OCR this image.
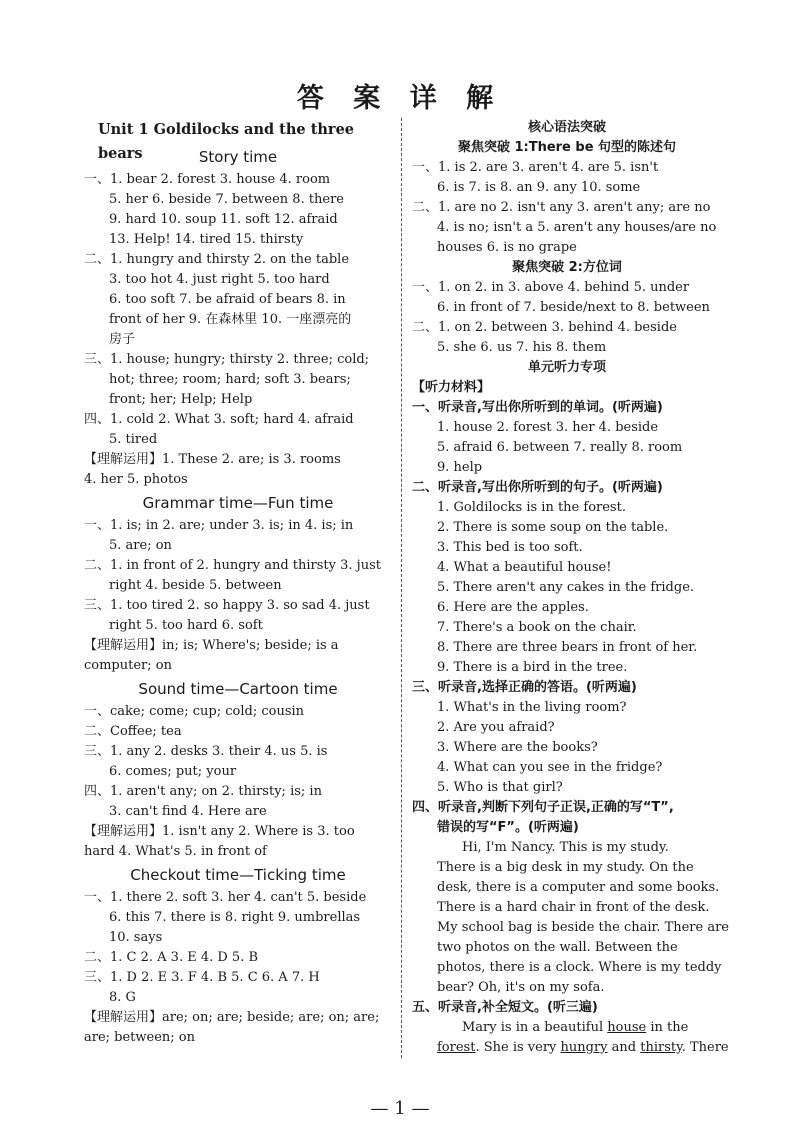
答 案 详 解
Unit 1 Goldilocks and the three bears	Story time
一、1. bear 2. forest 3. house 4. room
5. her 6. beside 7. between 8. there
9. hard 10. soup 11. soft 12. afraid
13. Help! 14. tired 15. thirsty
二、1. hungry and thirsty 2. on the table
3. too hot 4. just right 5. too hard
6. too soft 7. be afraid of bears 8. in
front of her 9. 在森林里 10. 一座漂亮的
房子
三、1. house; hungry; thirsty 2. three; cold;
hot; three; room; hard; soft 3. bears;
front; her; Help; Help
四、1. cold 2. What 3. soft; hard 4. afraid
5. tired
【理解运用】1. These 2. are; is 3. rooms
4. her 5. photos
Grammar time—Fun time
一、1. is; in 2. are; under 3. is; in 4. is; in
5. are; on
二、1. in front of 2. hungry and thirsty 3. just
right 4. beside 5. between
三、1. too tired 2. so happy 3. so sad 4. just
right 5. too hard 6. soft
【理解运用】in; is; Where's; beside; is a
computer; on
Sound time—Cartoon time
一、cake; come; cup; cold; cousin
二、Coffee; tea
三、1. any 2. desks 3. their 4. us 5. is
6. comes; put; your
四、1. aren't any; on 2. thirsty; is; in
3. can't find 4. Here are
【理解运用】1. isn't any 2. Where is 3. too
hard 4. What's 5. in front of
Checkout time—Ticking time
一、1. there 2. soft 3. her 4. can't 5. beside
6. this 7. there is 8. right 9. umbrellas
10. says
二、1. C 2. A 3. E 4. D 5. B
三、1. D 2. E 3. F 4. B 5. C 6. A 7. H
8. G
【理解运用】are; on; are; beside; are; on; are;
are; between; on
核心语法突破
聚焦突破 1:There be 句型的陈述句
一、1. is 2. are 3. aren't 4. are 5. isn't
6. is 7. is 8. an 9. any 10. some
二、1. are no 2. isn't any 3. aren't any; are no
4. is no; isn't a 5. aren't any houses/are no
houses 6. is no grape
聚焦突破 2:方位词
一、1. on 2. in 3. above 4. behind 5. under
6. in front of 7. beside/next to 8. between
二、1. on 2. between 3. behind 4. beside
5. she 6. us 7. his 8. them
单元听力专项
【听力材料】
一、听录音,写出你所听到的单词。(听两遍)
1. house 2. forest 3. her 4. beside
5. afraid 6. between 7. really 8. room
9. help
二、听录音,写出你所听到的句子。(听两遍)
1. Goldilocks is in the forest.
2. There is some soup on the table.
3. This bed is too soft.
4. What a beautiful house!
5. There aren't any cakes in the fridge.
6. Here are the apples.
7. There's a book on the chair.
8. There are three bears in front of her.
9. There is a bird in the tree.
三、听录音,选择正确的答语。(听两遍)
1. What's in the living room?
2. Are you afraid?
3. Where are the books?
4. What can you see in the fridge?
5. Who is that girl?
四、听录音,判断下列句子正误,正确的写“T”,
错误的写“F”。(听两遍)
Hi, I'm Nancy. This is my study.
There is a big desk in my study. On the
desk, there is a computer and some books.
There is a hard chair in front of the desk.
My school bag is beside the chair. There are
two photos on the wall. Between the
photos, there is a clock. Where is my teddy
bear? Oh, it's on my sofa.
五、听录音,补全短文。(听三遍)
Mary is in a beautiful house in the
forest. She is very hungry and thirsty. There
— 1 —
